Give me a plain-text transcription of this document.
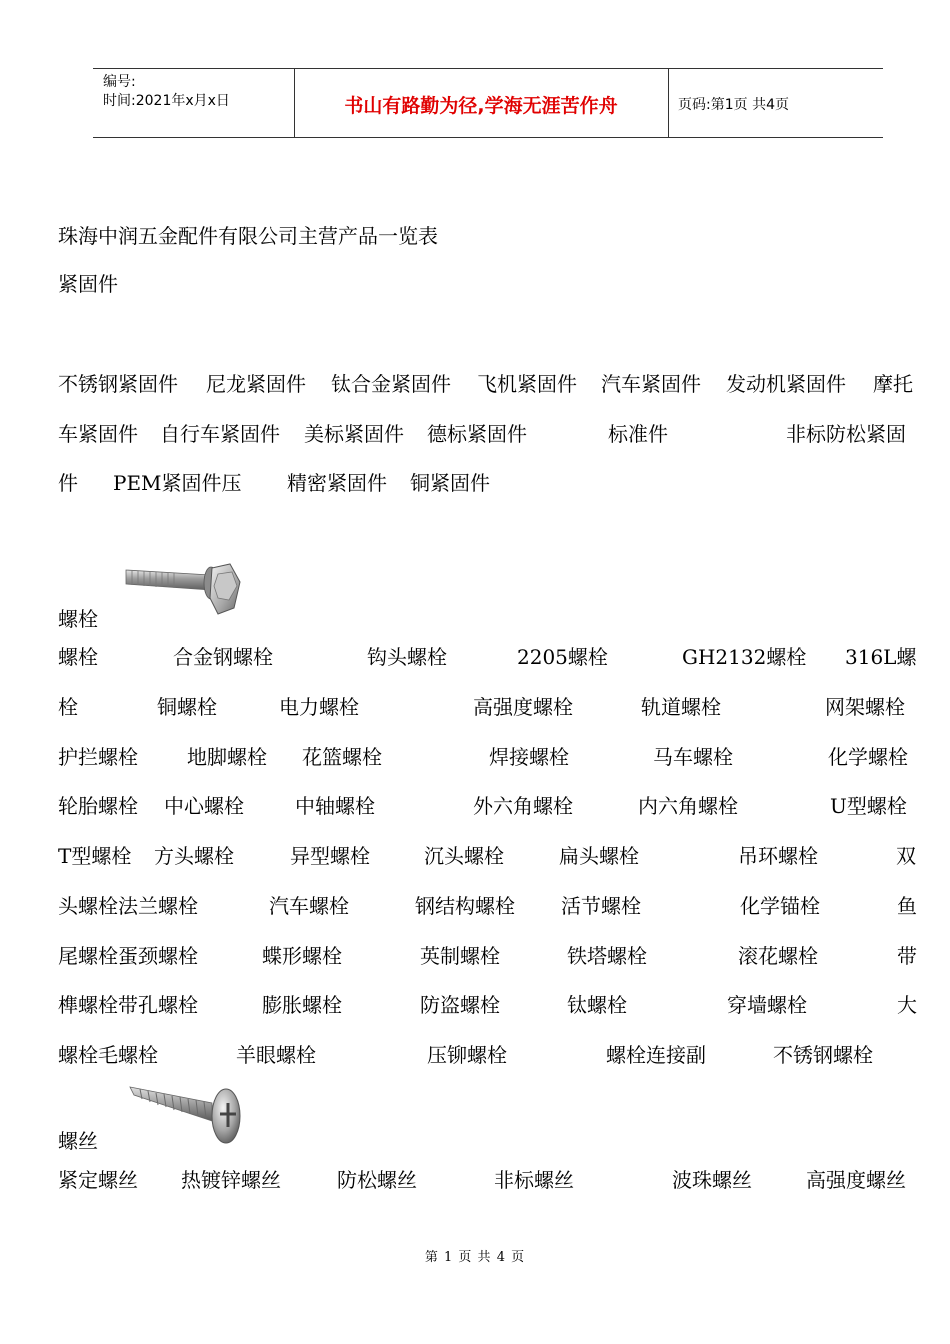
编号:
时间:2021年x月x日	书山有路勤为径,学海无涯苦作舟	页码:第1页 共4页
珠海中润五金配件有限公司主营产品一览表
紧固件
不锈钢紧固件 尼龙紧固件 钛合金紧固件 飞机紧固件 汽车紧固件 发动机紧固件 摩托
车紧固件 自行车紧固件 美标紧固件 德标紧固件	标准件	非标防松紧固
件 PEM紧固件压 精密紧固件 铜紧固件
螺栓
螺栓	合金钢螺栓	钩头螺栓	2205螺栓	GH2132螺栓 316L螺
栓	铜螺栓	电力螺栓	高强度螺栓	轨道螺栓	网架螺栓
护拦螺栓 地脚螺栓 花篮螺栓	焊接螺栓	马车螺栓	化学螺栓
轮胎螺栓 中心螺栓	中轴螺栓	外六角螺栓	内六角螺栓	U型螺栓
T型螺栓 方头螺栓	异型螺栓	沉头螺栓	扁头螺栓	吊环螺栓	双
头螺栓法兰螺栓	汽车螺栓	钢结构螺栓 活节螺栓	化学锚栓	鱼
尾螺栓蛋颈螺栓	蝶形螺栓	英制螺栓	铁塔螺栓	滚花螺栓	带
榫螺栓带孔螺栓	膨胀螺栓	防盗螺栓	钛螺栓	穿墙螺栓	大
螺栓毛螺栓	羊眼螺栓	压铆螺栓	螺栓连接副	不锈钢螺栓
螺丝
紧定螺丝 热镀锌螺丝	防松螺丝	非标螺丝	波珠螺丝	高强度螺丝
第 1 页 共 4 页
